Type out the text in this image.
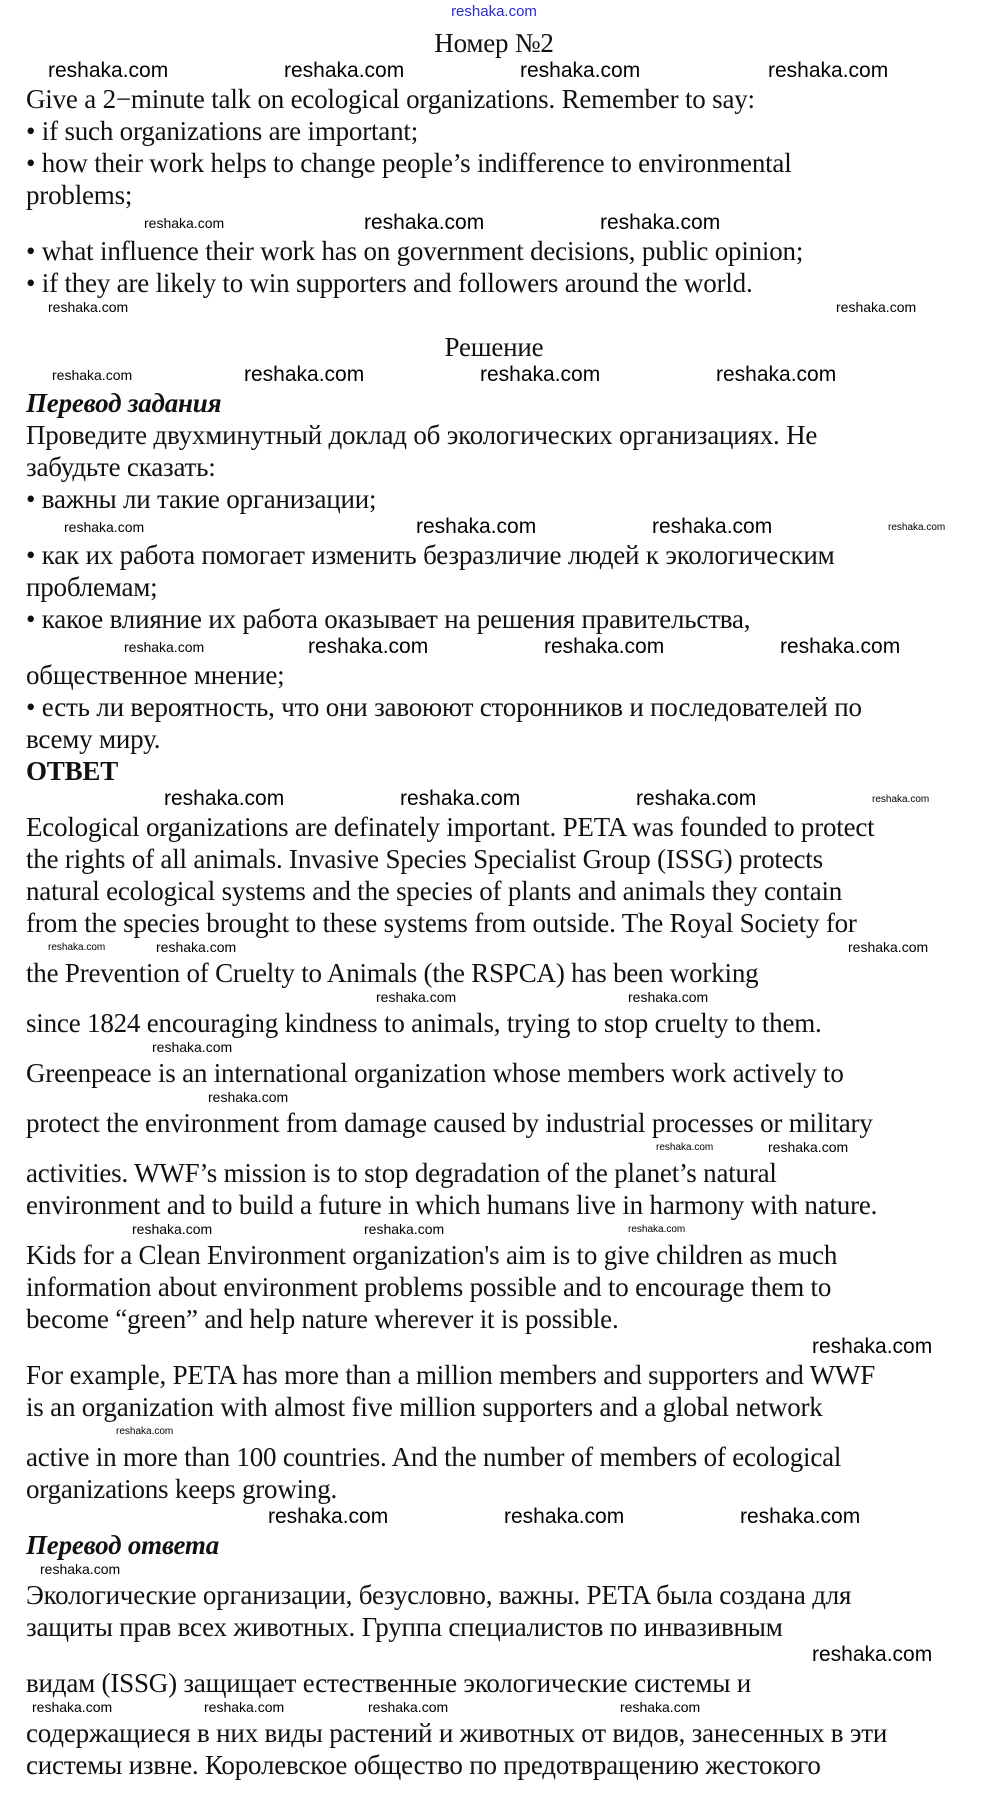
reshaka.com
Номер №2
reshaka.com	reshaka.com	reshaka.com	reshaka.com
Give a 2−minute talk on ecological organizations. Remember to say:
• if such organizations are important;
• how their work helps to change people’s indifference to environmental
problems;
reshaka.com	reshaka.com	reshaka.com
• what influence their work has on government decisions, public opinion;
• if they are likely to win supporters and followers around the world.
reshaka.com	reshaka.com
Решение
reshaka.com	reshaka.com	reshaka.com	reshaka.com
Перевод задания
Проведите двухминутный доклад об экологических организациях. Не
забудьте сказать:
• важны ли такие организации;
reshaka.com	reshaka.com	reshaka.com	reshaka.com
• как их работа помогает изменить безразличие людей к экологическим
проблемам;
• какое влияние их работа оказывает на решения правительства,
reshaka.com	reshaka.com	reshaka.com	reshaka.com
общественное мнение;
• есть ли вероятность, что они завоюют сторонников и последователей по
всему миру.
ОТВЕТ
reshaka.com	reshaka.com	reshaka.com	reshaka.com
Ecological organizations are definately important. PETA was founded to protect
the rights of all animals. Invasive Species Specialist Group (ISSG) protects
natural ecological systems and the species of plants and animals they contain
from the species brought to these systems from outside. The Royal Society for
reshaka.com	reshaka.com	reshaka.com
the Prevention of Cruelty to Animals (the RSPCA) has been working
reshaka.com	reshaka.com
since 1824 encouraging kindness to animals, trying to stop cruelty to them.
reshaka.com
Greenpeace is an international organization whose members work actively to
reshaka.com
protect the environment from damage caused by industrial processes or military
reshaka.com	reshaka.com
activities. WWF’s mission is to stop degradation of the planet’s natural
environment and to build a future in which humans live in harmony with nature.
reshaka.com	reshaka.com	reshaka.com
Kids for a Clean Environment organization's aim is to give children as much
information about environment problems possible and to encourage them to
become “green” and help nature wherever it is possible.
reshaka.com
For example, PETA has more than a million members and supporters and WWF
is an organization with almost five million supporters and a global network
reshaka.com
active in more than 100 countries. And the number of members of ecological
organizations keeps growing.
reshaka.com	reshaka.com	reshaka.com
Перевод ответа
reshaka.com
Экологические организации, безусловно, важны. PETA была создана для
защиты прав всех животных. Группа специалистов по инвазивным
reshaka.com
видам (ISSG) защищает естественные экологические системы и
reshaka.com	reshaka.com	reshaka.com	reshaka.com
содержащиеся в них виды растений и животных от видов, занесенных в эти
системы извне. Королевское общество по предотвращению жестокого
